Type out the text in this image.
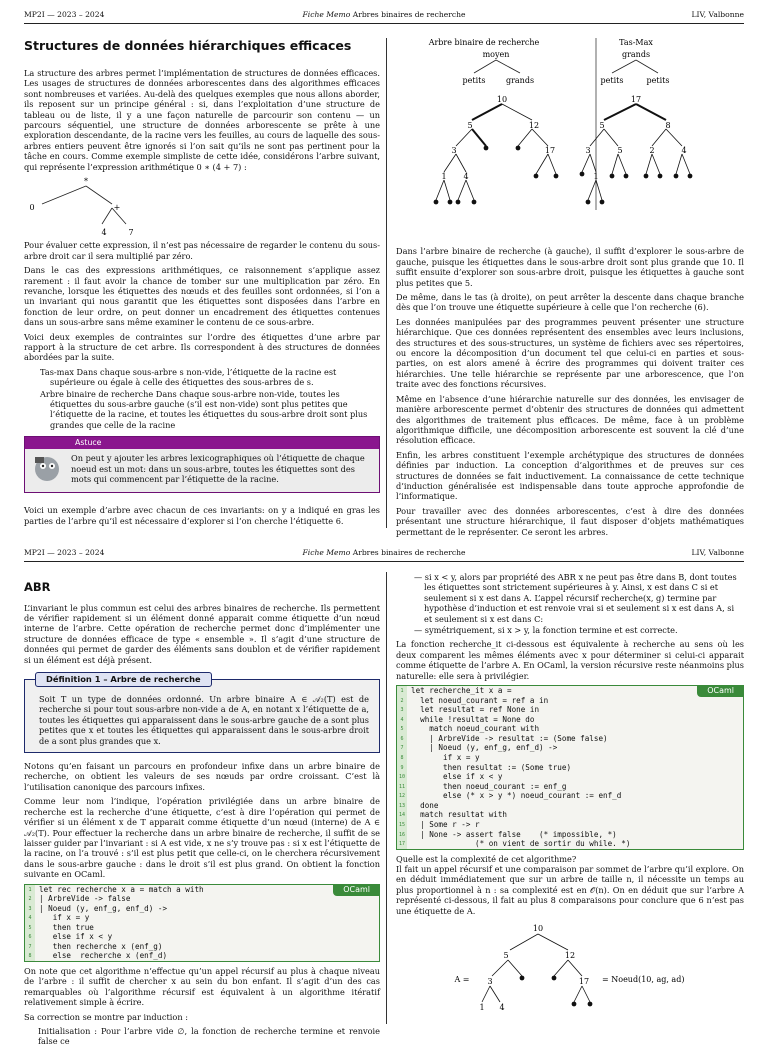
MP2I — 2023 – 2024	Fiche Memo Arbres binaires de recherche	LIV, Valbonne
Structures de données hiérarchiques efficaces

La structure des arbres permet l’implémentation de structures de données efficaces. Les usages de structures de données arborescentes dans des algorithmes efficaces sont nombreuses et variées. Au-delà des quelques exemples que nous allons aborder, ils reposent sur un principe général : si, dans l’exploitation d’une structure de tableau ou de liste, il y a une façon naturelle de parcourir son contenu — un parcours séquentiel, une structure de données arborescente se prête à une exploration descendante, de la racine vers les feuilles, au cours de laquelle des sous-arbres entiers peuvent être ignorés si l’on sait qu’ils ne sont pas pertinent pour la tâche en cours. Comme exemple simpliste de cette idée, considérons l’arbre suivant, qui représente l’expression arithmétique 0 ∗ (4 + 7) :

*
0	+
4	7

Pour évaluer cette expression, il n’est pas nécessaire de regarder le contenu du sous-arbre droit car il sera multiplié par zéro.

Dans le cas des expressions arithmétiques, ce raisonnement s’applique assez rarement : il faut avoir la chance de tomber sur une multiplication par zéro. En revanche, lorsque les étiquettes des nœuds et des feuilles sont ordonnées, si l’on a un invariant qui nous garantit que les étiquettes sont disposées dans l’arbre en fonction de leur ordre, on peut donner un encadrement des étiquettes contenues dans un sous-arbre sans même examiner le contenu de ce sous-arbre.

Voici deux exemples de contraintes sur l’ordre des étiquettes d’une arbre par rapport à la structure de cet arbre. Ils correspondent à des structures de données abordées par la suite.

Tas-max Dans chaque sous-arbre s non-vide, l’étiquette de la racine est supérieure ou égale à celle des étiquettes des sous-arbres de s.
Arbre binaire de recherche Dans chaque sous-arbre non-vide, toutes les étiquettes du sous-arbre gauche (s’il est non-vide) sont plus petites que l’étiquette de la racine, et toutes les étiquettes du sous-arbre droit sont plus grandes que celle de la racine
Astuce
On peut y ajouter les arbres lexicographiques où l’étiquette de chaque noeud est un mot: dans un sous-arbre, toutes les étiquettes sont des mots qui commencent par l’étiquette de la racine.

Voici un exemple d’arbre avec chacun de ces invariants: on y a indiqué en gras les parties de l’arbre qu’il est nécessaire d’explorer si l’on cherche l’étiquette 6.

Arbre binaire de recherche
moyen
petits	grands
Tas-Max
grands
petits	petits
10
5	12
3	17
1 4
17
5	8
3	5	2	4
1

Dans l’arbre binaire de recherche (à gauche), il suffit d’explorer le sous-arbre de gauche, puisque les étiquettes dans le sous-arbre droit sont plus grande que 10. Il suffit ensuite d’explorer son sous-arbre droit, puisque les étiquettes à gauche sont plus petites que 5.

De même, dans le tas (à droite), on peut arrêter la descente dans chaque branche dès que l’on trouve une étiquette supérieure à celle que l’on recherche (6).

Les données manipulées par des programmes peuvent présenter une structure hiérarchique. Que ces données représentent des ensembles avec leurs inclusions, des structures et des sous-structures, un système de fichiers avec ses répertoires, ou encore la décomposition d’un document tel que celui-ci en parties et sous-parties, on est alors amené à écrire des programmes qui doivent traiter ces hiérarchies. Une telle hiérarchie se représente par une arborescence, que l’on traite avec des fonctions récursives.

Même en l’absence d’une hiérarchie naturelle sur des données, les envisager de manière arborescente permet d’obtenir des structures de données qui admettent des algorithmes de traitement plus efficaces. De même, face à un problème algorithmique difficile, une décomposition arborescente est souvent la clé d’une résolution efficace.

Enfin, les arbres constituent l’exemple archétypique des structures de données définies par induction. La conception d’algorithmes et de preuves sur ces structures de données se fait inductivement. La connaissance de cette technique d’induction généralisée est indispensable dans toute approche approfondie de l’informatique.

Pour travailler avec des données arborescentes, c’est à dire des données présentant une structure hiérarchique, il faut disposer d’objets mathématiques permettant de le représenter. Ce seront les arbres.

MP2I — 2023 – 2024	Fiche Memo Arbres binaires de recherche	LIV, Valbonne
ABR

L’invariant le plus commun est celui des arbres binaires de recherche. Ils permettent de vérifier rapidement si un élément donné apparait comme étiquette d’un nœud interne de l’arbre. Cette opération de recherche permet donc d’implémenter une structure de données efficace de type « ensemble ». Il s’agit d’une structure de données qui permet de garder des éléments sans doublon et de vérifier rapidement si un élément est déjà présent.

Définition 1 – Arbre de recherche
Soit T un type de données ordonné. Un arbre binaire A ∈ 𝒜₂(T) est de recherche si pour tout sous-arbre non-vide a de A, en notant x l’étiquette de a, toutes les étiquettes qui apparaissent dans le sous-arbre gauche de a sont plus petites que x et toutes les étiquettes qui apparaissent dans le sous-arbre droit de a sont plus grandes que x.

Notons qu’en faisant un parcours en profondeur infixe dans un arbre binaire de recherche, on obtient les valeurs de ses nœuds par ordre croissant. C’est là l’utilisation canonique des parcours infixes.

Comme leur nom l’indique, l’opération privilégiée dans un arbre binaire de recherche est la recherche d’une étiquette, c’est à dire l’opération qui permet de vérifier si un élément x de T apparait comme étiquette d’un nœud (interne) de A ∈ 𝒜₂(T). Pour effectuer la recherche dans un arbre binaire de recherche, il suffit de se laisser guider par l’invariant : si A est vide, x ne s’y trouve pas : si x est l’étiquette de la racine, on l’a trouvé : s’il est plus petit que celle-ci, on le cherchera récursivement dans le sous-arbre gauche : dans le droit s’il est plus grand. On obtient la fonction suivante en OCaml.

OCaml
1 let rec recherche x a = match a with
2 | ArbreVide -> false
3 | Noeud (y, enf_g, enf_d) ->
4 if x = y
5 then true
6 else if x < y
7 then recherche x (enf_g)
8 else  recherche x (enf_d)

On note que cet algorithme n’effectue qu’un appel récursif au plus à chaque niveau de l’arbre : il suffit de chercher x au sein du bon enfant. Il s’agit d’un des cas remarquables où l’algorithme récursif est équivalent à un algorithme itératif relativement simple à écrire.

Sa correction se montre par induction :

Initialisation : Pour l’arbre vide ∅, la fonction de recherche termine et renvoie false ce

— si x < y, alors par propriété des ABR x ne peut pas être dans B, dont toutes les étiquettes sont strictement supérieures à y. Ainsi, x est dans C si et seulement si x est dans A. L’appel récursif recherche(x, g) termine par hypothèse d’induction et est renvoie vrai si et seulement si x est dans A, si et seulement si x est dans C:
— symétriquement, si x > y, la fonction termine et est correcte.

La fonction recherche_it ci-dessous est équivalente à recherche au sens où les deux comparent les mêmes éléments avec x pour déterminer si celui-ci apparait comme étiquette de l’arbre A. En OCaml, la version récursive reste néanmoins plus naturelle: elle sera à privilégier.

OCaml
1 let recherche_it x a =
2 let noeud_courant = ref a in
3 let resultat = ref None in
4 while !resultat = None do
5 match noeud_courant with
6 | ArbreVide -> resultat := (Some false)
7 | Noeud (y, enf_g, enf_d) ->
8 if x = y
9 then resultat := (Some true)
10 else if x < y
11 then noeud_courant := enf_g
12 else (* x > y *) noeud_courant := enf_d
13 done
14 match resultat with
15 | Some r -> r
16 | None -> assert false    (* impossible, *)
17 (* on vient de sortir du while. *)

Quelle est la complexité de cet algorithme?

Il fait un appel récursif et une comparaison par sommet de l’arbre qu’il explore. On en déduit immédiatement que sur un arbre de taille n, il nécessite un temps au plus proportionnel à n : sa complexité est en 𝒪(n). On en déduit que sur l’arbre A représenté ci-dessous, il fait au plus 8 comparaisons pour conclure que 6 n’est pas une étiquette de A.

10
5	12
3	17
1 4
A =	= Noeud(10, ag, ad)
